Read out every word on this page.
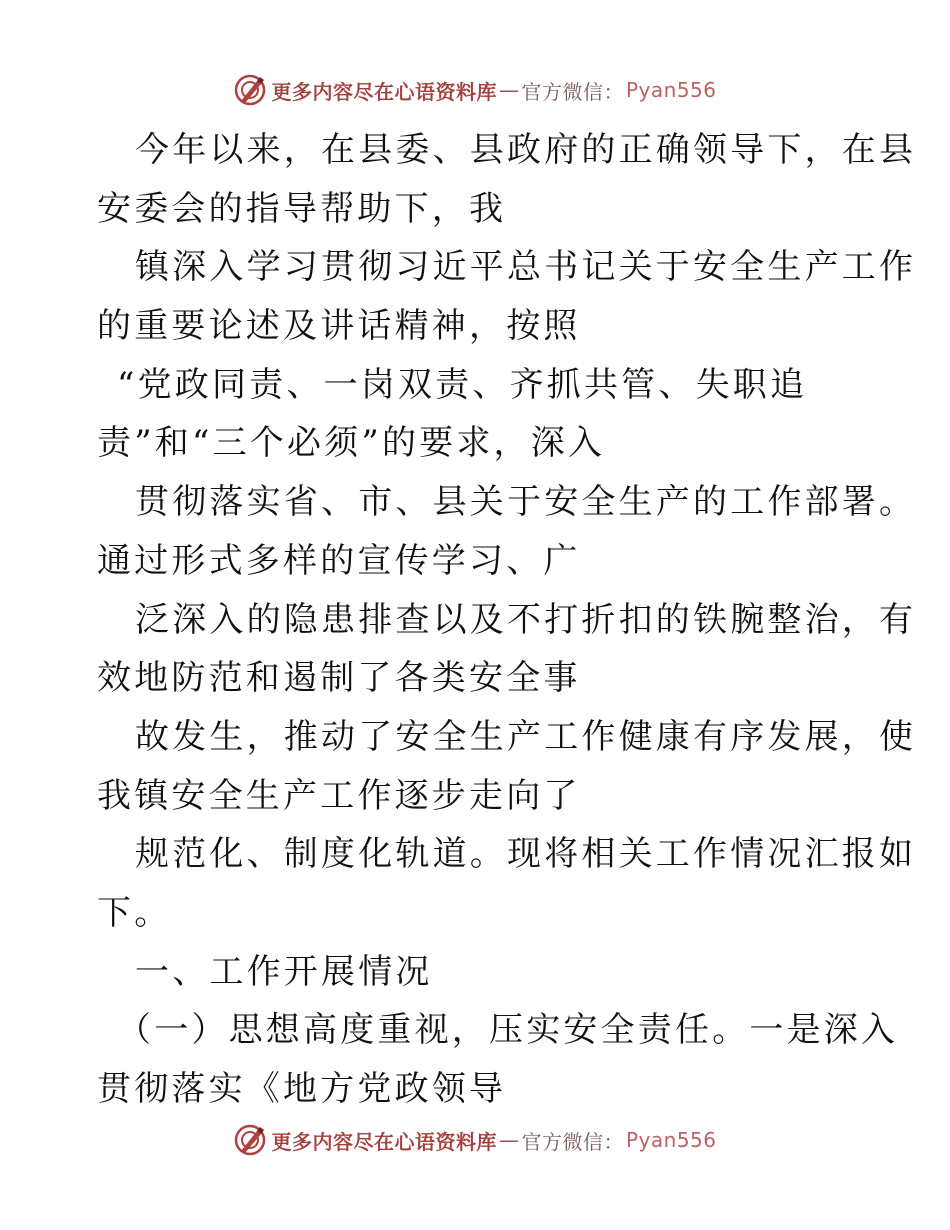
更多内容尽在心语资料库 — 官方微信： Pyan556
今年以来，在县委、县政府的正确领导下，在县
安委会的指导帮助下，我
镇深入学习贯彻习近平总书记关于安全生产工作
的重要论述及讲话精神，按照
“党政同责、一岗双责、齐抓共管、失职追
责”和“三个必须”的要求，深入
贯彻落实省、市、县关于安全生产的工作部署。
通过形式多样的宣传学习、广
泛深入的隐患排查以及不打折扣的铁腕整治，有
效地防范和遏制了各类安全事
故发生，推动了安全生产工作健康有序发展，使
我镇安全生产工作逐步走向了
规范化、制度化轨道。现将相关工作情况汇报如
下。
一、工作开展情况
（一）思想高度重视，压实安全责任。一是深入
贯彻落实《地方党政领导
更多内容尽在心语资料库 — 官方微信： Pyan556
